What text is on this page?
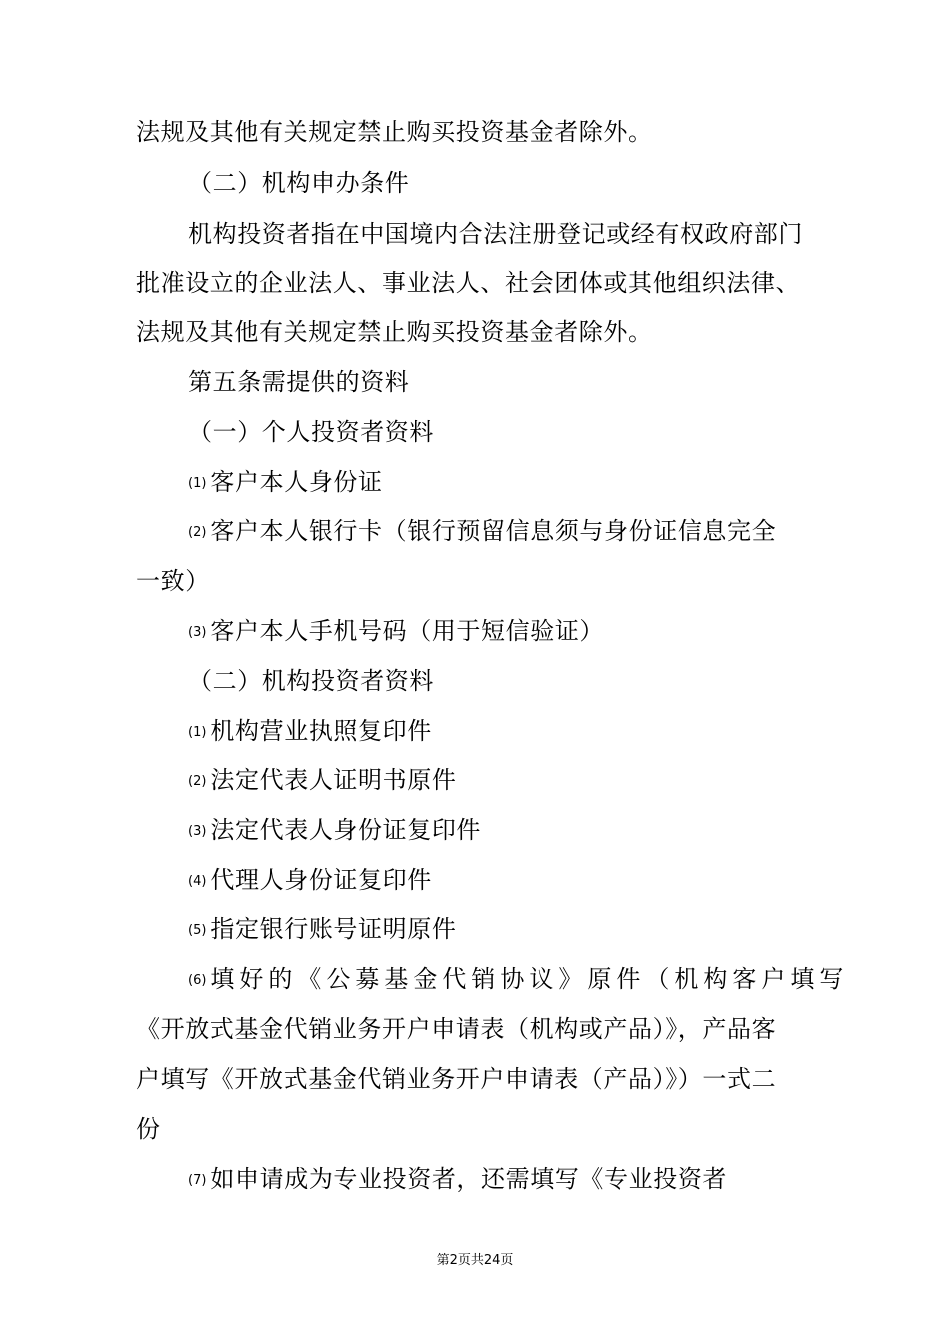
法规及其他有关规定禁止购买投资基金者除外。
（二）机构申办条件
机构投资者指在中国境内合法注册登记或经有权政府部门
批准设立的企业法人、事业法人、社会团体或其他组织法律、
法规及其他有关规定禁止购买投资基金者除外。
第五条需提供的资料
（一）个人投资者资料
(1) 客户本人身份证
(2) 客户本人银行卡（银行预留信息须与身份证信息完全
一致）
(3) 客户本人手机号码（用于短信验证）
（二）机构投资者资料
(1) 机构营业执照复印件
(2) 法定代表人证明书原件
(3) 法定代表人身份证复印件
(4) 代理人身份证复印件
(5) 指定银行账号证明原件
(6) 填好的《公募基金代销协议》原件（机构客户填写
《开放式基金代销业务开户申请表（机构或产品）》，产品客
户填写《开放式基金代销业务开户申请表（产品）》）一式二
份
(7) 如申请成为专业投资者，还需填写《专业投资者
第2页共24页
